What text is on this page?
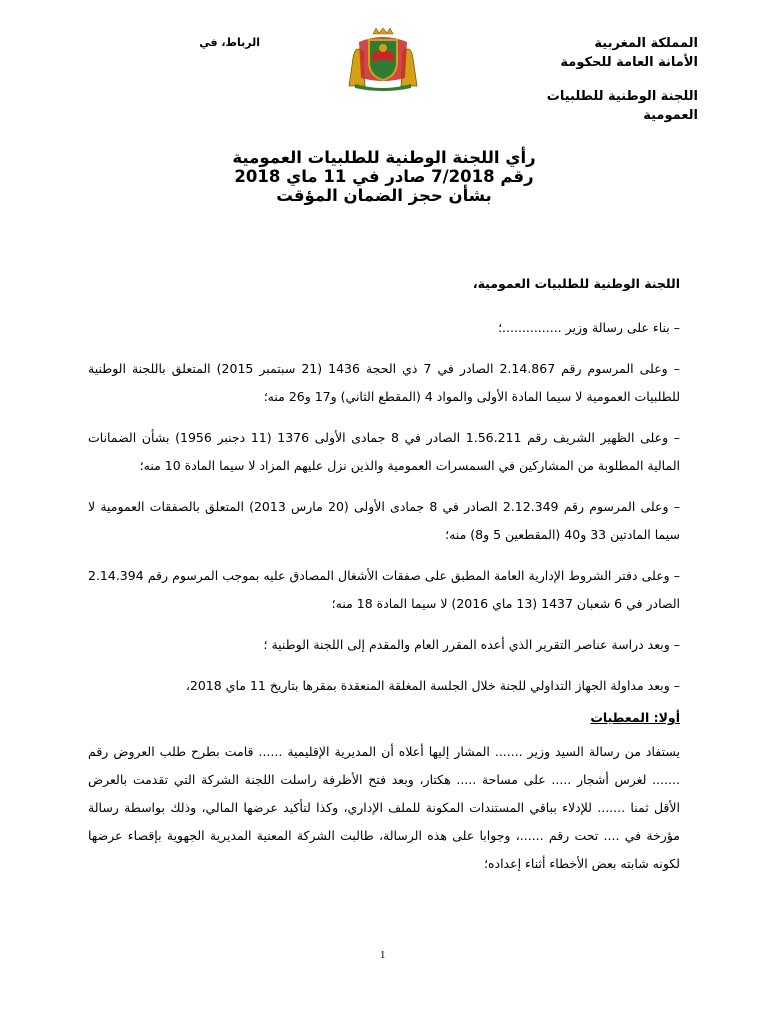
المملكة المغربية
الأمانة العامة للحكومة
اللجنة الوطنية للطلبيات العمومية
الرباط، في
رأي اللجنة الوطنية للطلبيات العمومية
رقم 7/2018 صادر في 11 ماي 2018
بشأن حجز الضمان المؤقت

اللجنة الوطنية للطلبيات العمومية،

– بناء على رسالة وزير ...............؛

– وعلى المرسوم رقم 2.14.867 الصادر في 7 ذي الحجة 1436 (21 سبتمبر 2015) المتعلق باللجنة الوطنية للطلبيات العمومية لا سيما المادة الأولى والمواد 4 (المقطع الثاني) و17 و26 منه؛

– وعلى الظهير الشريف رقم 1.56.211 الصادر في 8 جمادى الأولى 1376 (11 دجنبر 1956) بشأن الضمانات المالية المطلوبة من المشاركين في السمسرات العمومية والذين نزل عليهم المزاد لا سيما المادة 10 منه؛

– وعلى المرسوم رقم 2.12.349 الصادر في 8 جمادى الأولى (20 مارس 2013) المتعلق بالصفقات العمومية لا سيما المادتين 33 و40 (المقطعين 5 و8) منه؛

– وعلى دفتر الشروط الإدارية العامة المطبق على صفقات الأشغال المصادق عليه بموجب المرسوم رقم 2.14.394 الصادر في 6 شعبان 1437 (13 ماي 2016) لا سيما المادة 18 منه؛

– وبعد دراسة عناصر التقرير الذي أعده المقرر العام والمقدم إلى اللجنة الوطنية ؛

– وبعد مداولة الجهاز التداولي للجنة خلال الجلسة المغلقة المنعقدة بمقرها بتاريخ 11 ماي 2018،

أولا: المعطيات

يستفاد من رسالة السيد وزير ....... المشار إليها أعلاه أن المديرية الإقليمية ...... قامت بطرح طلب العروض رقم ....... لغرس أشجار ..... على مساحة ..... هكتار، وبعد فتح الأظرفة راسلت اللجنة الشركة التي تقدمت بالعرض الأقل ثمنا ....... للإدلاء بباقي المستندات المكونة للملف الإداري، وكذا لتأكيد عرضها المالي، وذلك بواسطة رسالة مؤرخة في .... تحت رقم ......، وجوابا على هذه الرسالة، طالبت الشركة المعنية المديرية الجهوية بإقصاء عرضها لكونه شابته بعض الأخطاء أثناء إعداده؛

1
